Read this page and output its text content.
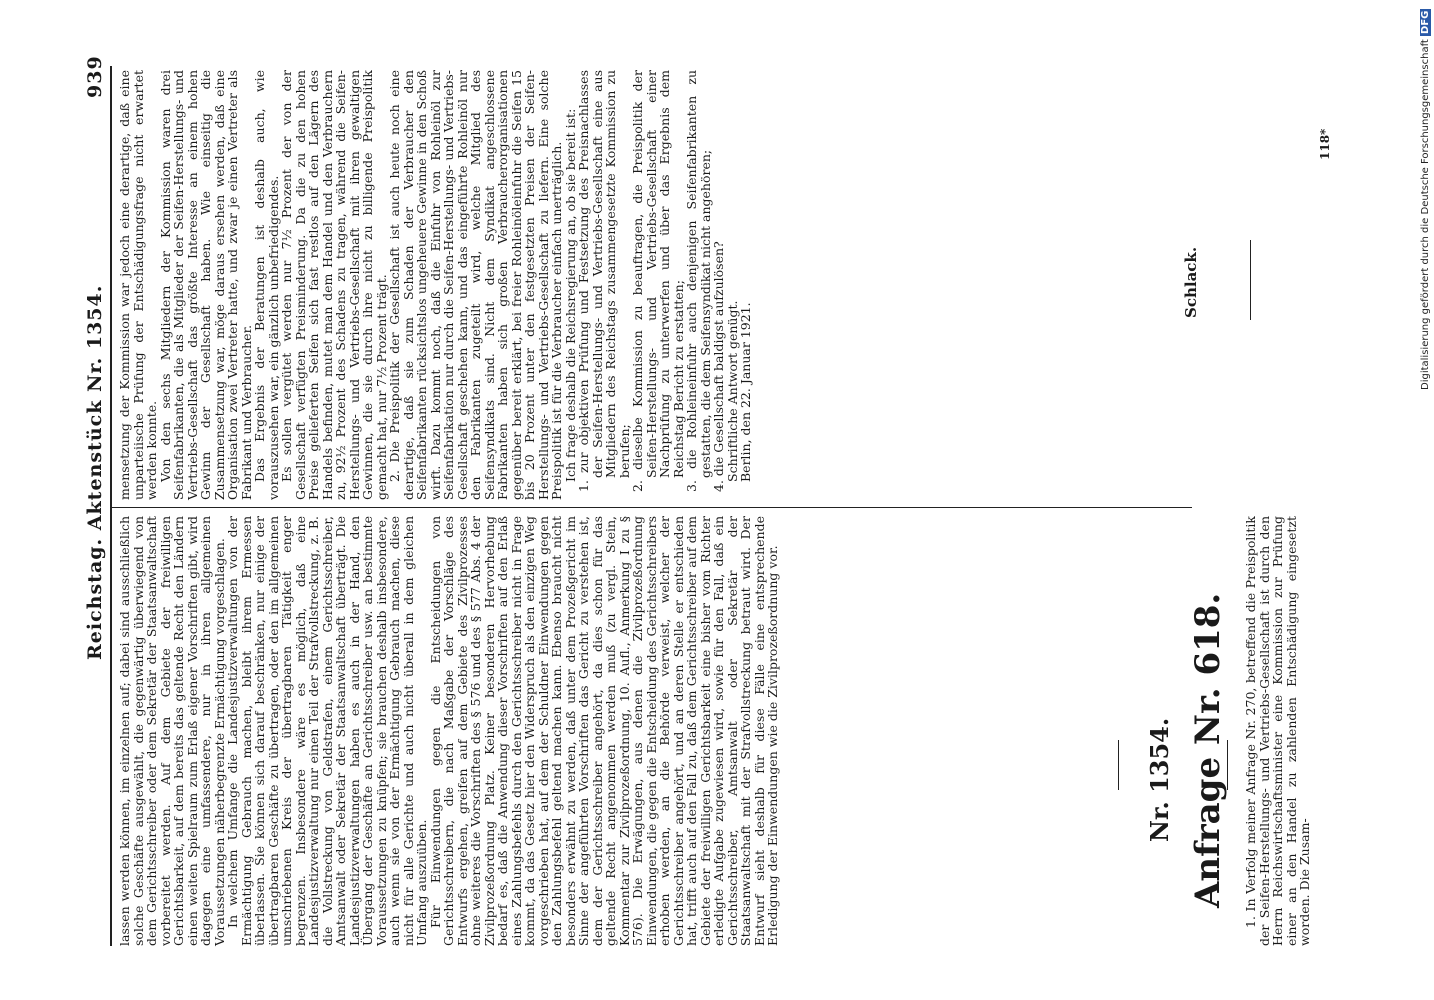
Reichstag. Aktenstück Nr. 1354.
939

lassen werden können, im einzelnen auf; dabei sind ausschließlich solche Geschäfte ausgewählt, die gegenwärtig überwiegend von dem Gerichtsschreiber oder dem Sekretär der Staatsanwaltschaft vorbereitet werden. Auf dem Gebiete der freiwilligen Gerichtsbarkeit, auf dem bereits das geltende Recht den Ländern einen weiten Spielraum zum Erlaß eigener Vorschriften gibt, wird dagegen eine umfassendere, nur in ihren allgemeinen Voraussetzungen näherbegrenzte Ermächtigung vorgeschlagen.

In welchem Umfange die Landesjustizverwaltungen von der Ermächtigung Gebrauch machen, bleibt ihrem Ermessen überlassen. Sie können sich darauf beschränken, nur einige der übertragbaren Geschäfte zu übertragen, oder den im allgemeinen umschriebenen Kreis der übertragbaren Tätigkeit enger begrenzen. Insbesondere wäre es möglich, daß eine Landesjustizverwaltung nur einen Teil der Strafvollstreckung, z. B. die Vollstreckung von Geldstrafen, einem Gerichtsschreiber, Amtsanwalt oder Sekretär der Staatsanwaltschaft überträgt. Die Landesjustizverwaltungen haben es auch in der Hand, den Übergang der Geschäfte an Gerichtsschreiber usw. an bestimmte Voraussetzungen zu knüpfen; sie brauchen deshalb insbesondere, auch wenn sie von der Ermächtigung Gebrauch machen, diese nicht für alle Gerichte und auch nicht überall in dem gleichen Umfang auszuüben.

Für Einwendungen gegen die Entscheidungen von Gerichtsschreibern, die nach Maßgabe der Vorschläge des Entwurfs ergehen, greifen auf dem Gebiete des Zivilprozesses ohne weiteres die Vorschriften des § 576 und des § 577 Abs. 4 der Zivilprozeßordnung Platz. Keiner besonderen Hervorhebung bedarf es, daß die Anwendung dieser Vorschriften auf den Erlaß eines Zahlungsbefehls durch den Gerichtsschreiber nicht in Frage kommt, da das Gesetz hier den Widerspruch als den einzigen Weg vorgeschrieben hat, auf dem der Schuldner Einwendungen gegen den Zahlungsbefehl geltend machen kann. Ebenso braucht nicht besonders erwähnt zu werden, daß unter dem Prozeßgericht im Sinne der angeführten Vorschriften das Gericht zu verstehen ist, dem der Gerichtsschreiber angehört, da dies schon für das geltende Recht angenommen werden muß (zu vergl. Stein, Kommentar zur Zivilprozeßordnung, 10. Aufl., Anmerkung I zu § 576). Die Erwägungen, aus denen die Zivilprozeßordnung Einwendungen, die gegen die Entscheidung des Gerichtsschreibers erhoben werden, an die Behörde verweist, welcher der Gerichtsschreiber angehört, und an deren Stelle er entschieden hat, trifft auch auf den Fall zu, daß dem Gerichtsschreiber auf dem Gebiete der freiwilligen Gerichtsbarkeit eine bisher vom Richter erledigte Aufgabe zugewiesen wird, sowie für den Fall, daß ein Gerichtsschreiber, Amtsanwalt oder Sekretär der Staatsanwaltschaft mit der Strafvollstreckung betraut wird. Der Entwurf sieht deshalb für diese Fälle eine entsprechende Erledigung der Einwendungen wie die Zivilprozeßordnung vor.	Nr. 1354. Anfrage Nr. 618. 1. In Verfolg meiner Anfrage Nr. 270, betreffend die Preispolitik der Seifen-Herstellungs- und Vertriebs-Gesellschaft ist durch den Herrn Reichswirtschaftsminister eine Kommission zur Prüfung einer an den Handel zu zahlenden Entschädigung eingesetzt worden. Die Zusam-

mensetzung der Kommission war jedoch eine derartige, daß eine unparteiische Prüfung der Entschädigungsfrage nicht erwartet werden konnte.

Von den sechs Mitgliedern der Kommission waren drei Seifenfabrikanten, die als Mitglieder der Seifen-Herstellungs- und Vertriebs-Gesellschaft das größte Interesse an einem hohen Gewinn der Gesellschaft haben. Wie einseitig die Zusammensetzung war, möge daraus ersehen werden, daß eine Organisation zwei Vertreter hatte, und zwar je einen Vertreter als Fabrikant und Verbraucher.

Das Ergebnis der Beratungen ist deshalb auch, wie vorauszusehen war, ein gänzlich unbefriedigendes.

Es sollen vergütet werden nur 7½ Prozent der von der Gesellschaft verfügten Preisminderung. Da die zu den hohen Preise gelieferten Seifen sich fast restlos auf den Lägern des Handels befinden, mutet man dem Handel und den Verbrauchern zu, 92½ Prozent des Schadens zu tragen, während die Seifen-Herstellungs- und Vertriebs-Gesellschaft mit ihren gewaltigen Gewinnen, die sie durch ihre nicht zu billigende Preispolitik gemacht hat, nur 7½ Prozent trägt.

2. Die Preispolitik der Gesellschaft ist auch heute noch eine derartige, daß sie zum Schaden der Verbraucher den Seifenfabrikanten rücksichtslos ungeheuere Gewinne in den Schoß wirft. Dazu kommt noch, daß die Einfuhr von Rohleinöl zur Seifenfabrikation nur durch die Seifen-Herstellungs- und Vertriebs-Gesellschaft geschehen kann, und das eingeführte Rohleinöl nur den Fabrikanten zugeteilt wird, welche Mitglied des Seifensyndikats sind. Nicht dem Syndikat angeschlossene Fabrikanten haben sich großen Verbraucherorganisationen gegenüber bereit erklärt, bei freier Rohleinöleinfuhr die Seifen 15 bis 20 Prozent unter den festgesetzten Preisen der Seifen-Herstellungs- und Vertriebs-Gesellschaft zu liefern. Eine solche Preispolitik ist für die Verbraucher einfach unerträglich.

Ich frage deshalb die Reichsregierung an, ob sie bereit ist:

1. zur objektiven Prüfung und Festsetzung des Preisnachlasses der Seifen-Herstellungs- und Vertriebs-Gesellschaft eine aus Mitgliedern des Reichstags zusammengesetzte Kommission zu berufen;

2. dieselbe Kommission zu beauftragen, die Preispolitik der Seifen-Herstellungs- und Vertriebs-Gesellschaft einer Nachprüfung zu unterwerfen und über das Ergebnis dem Reichstag Bericht zu erstatten;

3. die Rohleineinfuhr auch denjenigen Seifenfabrikanten zu gestatten, die dem Seifensyndikat nicht angehören;

4. die Gesellschaft baldigst aufzulösen?

Schriftliche Antwort genügt.

Berlin, den 22. Januar 1921.

Schlack.
118*	Digitalisierung gefördert durch die Deutsche Forschungsgemeinschaft DFG
